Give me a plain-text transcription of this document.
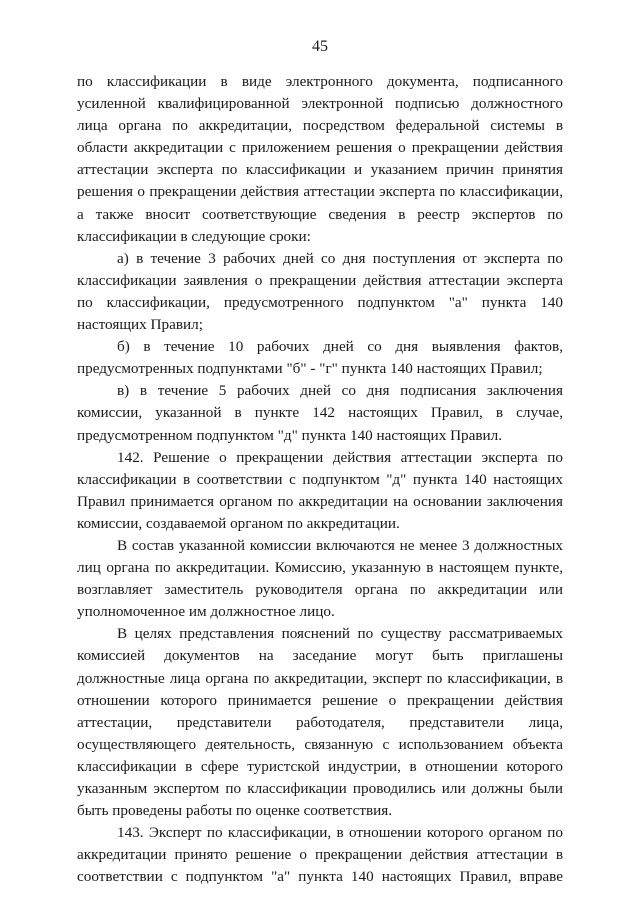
45

по классификации в виде электронного документа, подписанного усиленной квалифицированной электронной подписью должностного лица органа по аккредитации, посредством федеральной системы в области аккредитации с приложением решения о прекращении действия аттестации эксперта по классификации и указанием причин принятия решения о прекращении действия аттестации эксперта по классификации, а также вносит соответствующие сведения в реестр экспертов по классификации в следующие сроки:

а) в течение 3 рабочих дней со дня поступления от эксперта по классификации заявления о прекращении действия аттестации эксперта по классификации, предусмотренного подпунктом "а" пункта 140 настоящих Правил;

б) в течение 10 рабочих дней со дня выявления фактов, предусмотренных подпунктами "б" - "г" пункта 140 настоящих Правил;

в) в течение 5 рабочих дней со дня подписания заключения комиссии, указанной в пункте 142 настоящих Правил, в случае, предусмотренном подпунктом "д" пункта 140 настоящих Правил.

142. Решение о прекращении действия аттестации эксперта по классификации в соответствии с подпунктом "д" пункта 140 настоящих Правил принимается органом по аккредитации на основании заключения комиссии, создаваемой органом по аккредитации.

В состав указанной комиссии включаются не менее 3 должностных лиц органа по аккредитации. Комиссию, указанную в настоящем пункте, возглавляет заместитель руководителя органа по аккредитации или уполномоченное им должностное лицо.

В целях представления пояснений по существу рассматриваемых комиссией документов на заседание могут быть приглашены должностные лица органа по аккредитации, эксперт по классификации, в отношении которого принимается решение о прекращении действия аттестации, представители работодателя, представители лица, осуществляющего деятельность, связанную с использованием объекта классификации в сфере туристской индустрии, в отношении которого указанным экспертом по классификации проводились или должны были быть проведены работы по оценке соответствия.

143. Эксперт по классификации, в отношении которого органом по аккредитации принято решение о прекращении действия аттестации в соответствии с подпунктом "а" пункта 140 настоящих Правил, вправе
